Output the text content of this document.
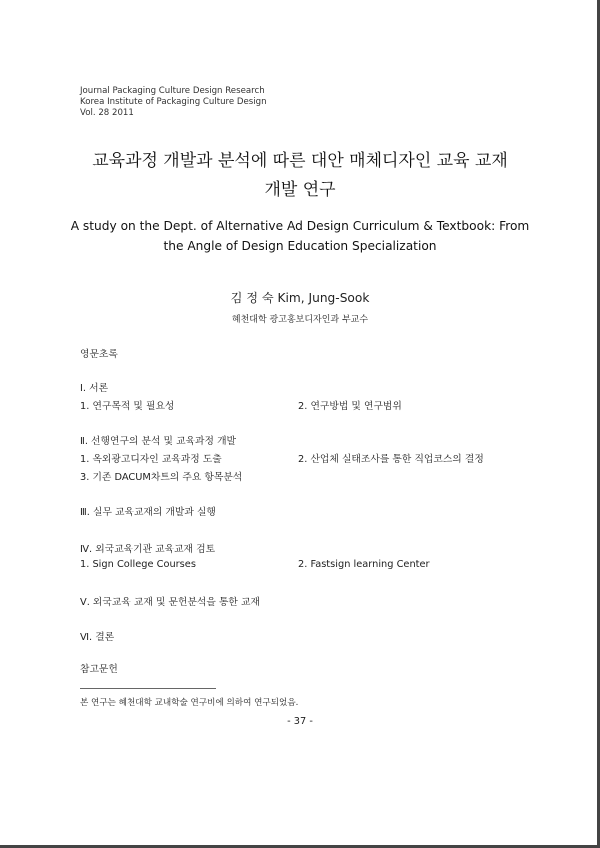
Journal Packaging Culture Design Research
Korea Institute of Packaging Culture Design
Vol. 28 2011
교육과정 개발과 분석에 따른 대안 매체디자인 교육 교재
개발 연구
A study on the Dept. of Alternative Ad Design Curriculum & Textbook: From
the Angle of Design Education Specialization
김 정 숙 Kim, Jung-Sook
혜천대학 광고홍보디자인과 부교수
영문초록
Ⅰ. 서론
1. 연구목적 및 필요성	2. 연구방법 및 연구범위
Ⅱ. 선행연구의 분석 및 교육과정 개발
1. 옥외광고디자인 교육과정 도출	2. 산업체 실태조사를 통한 직업코스의 결정
3. 기존 DACUM차트의 주요 항목분석
Ⅲ. 실무 교육교재의 개발과 실행
Ⅳ. 외국교육기관 교육교재 검토
1. Sign College Courses	2. Fastsign learning Center
Ⅴ. 외국교육 교재 및 문헌분석을 통한 교재
Ⅵ. 결론
참고문헌
본 연구는 혜천대학 교내학술 연구비에 의하여 연구되었음.
- 37 -
